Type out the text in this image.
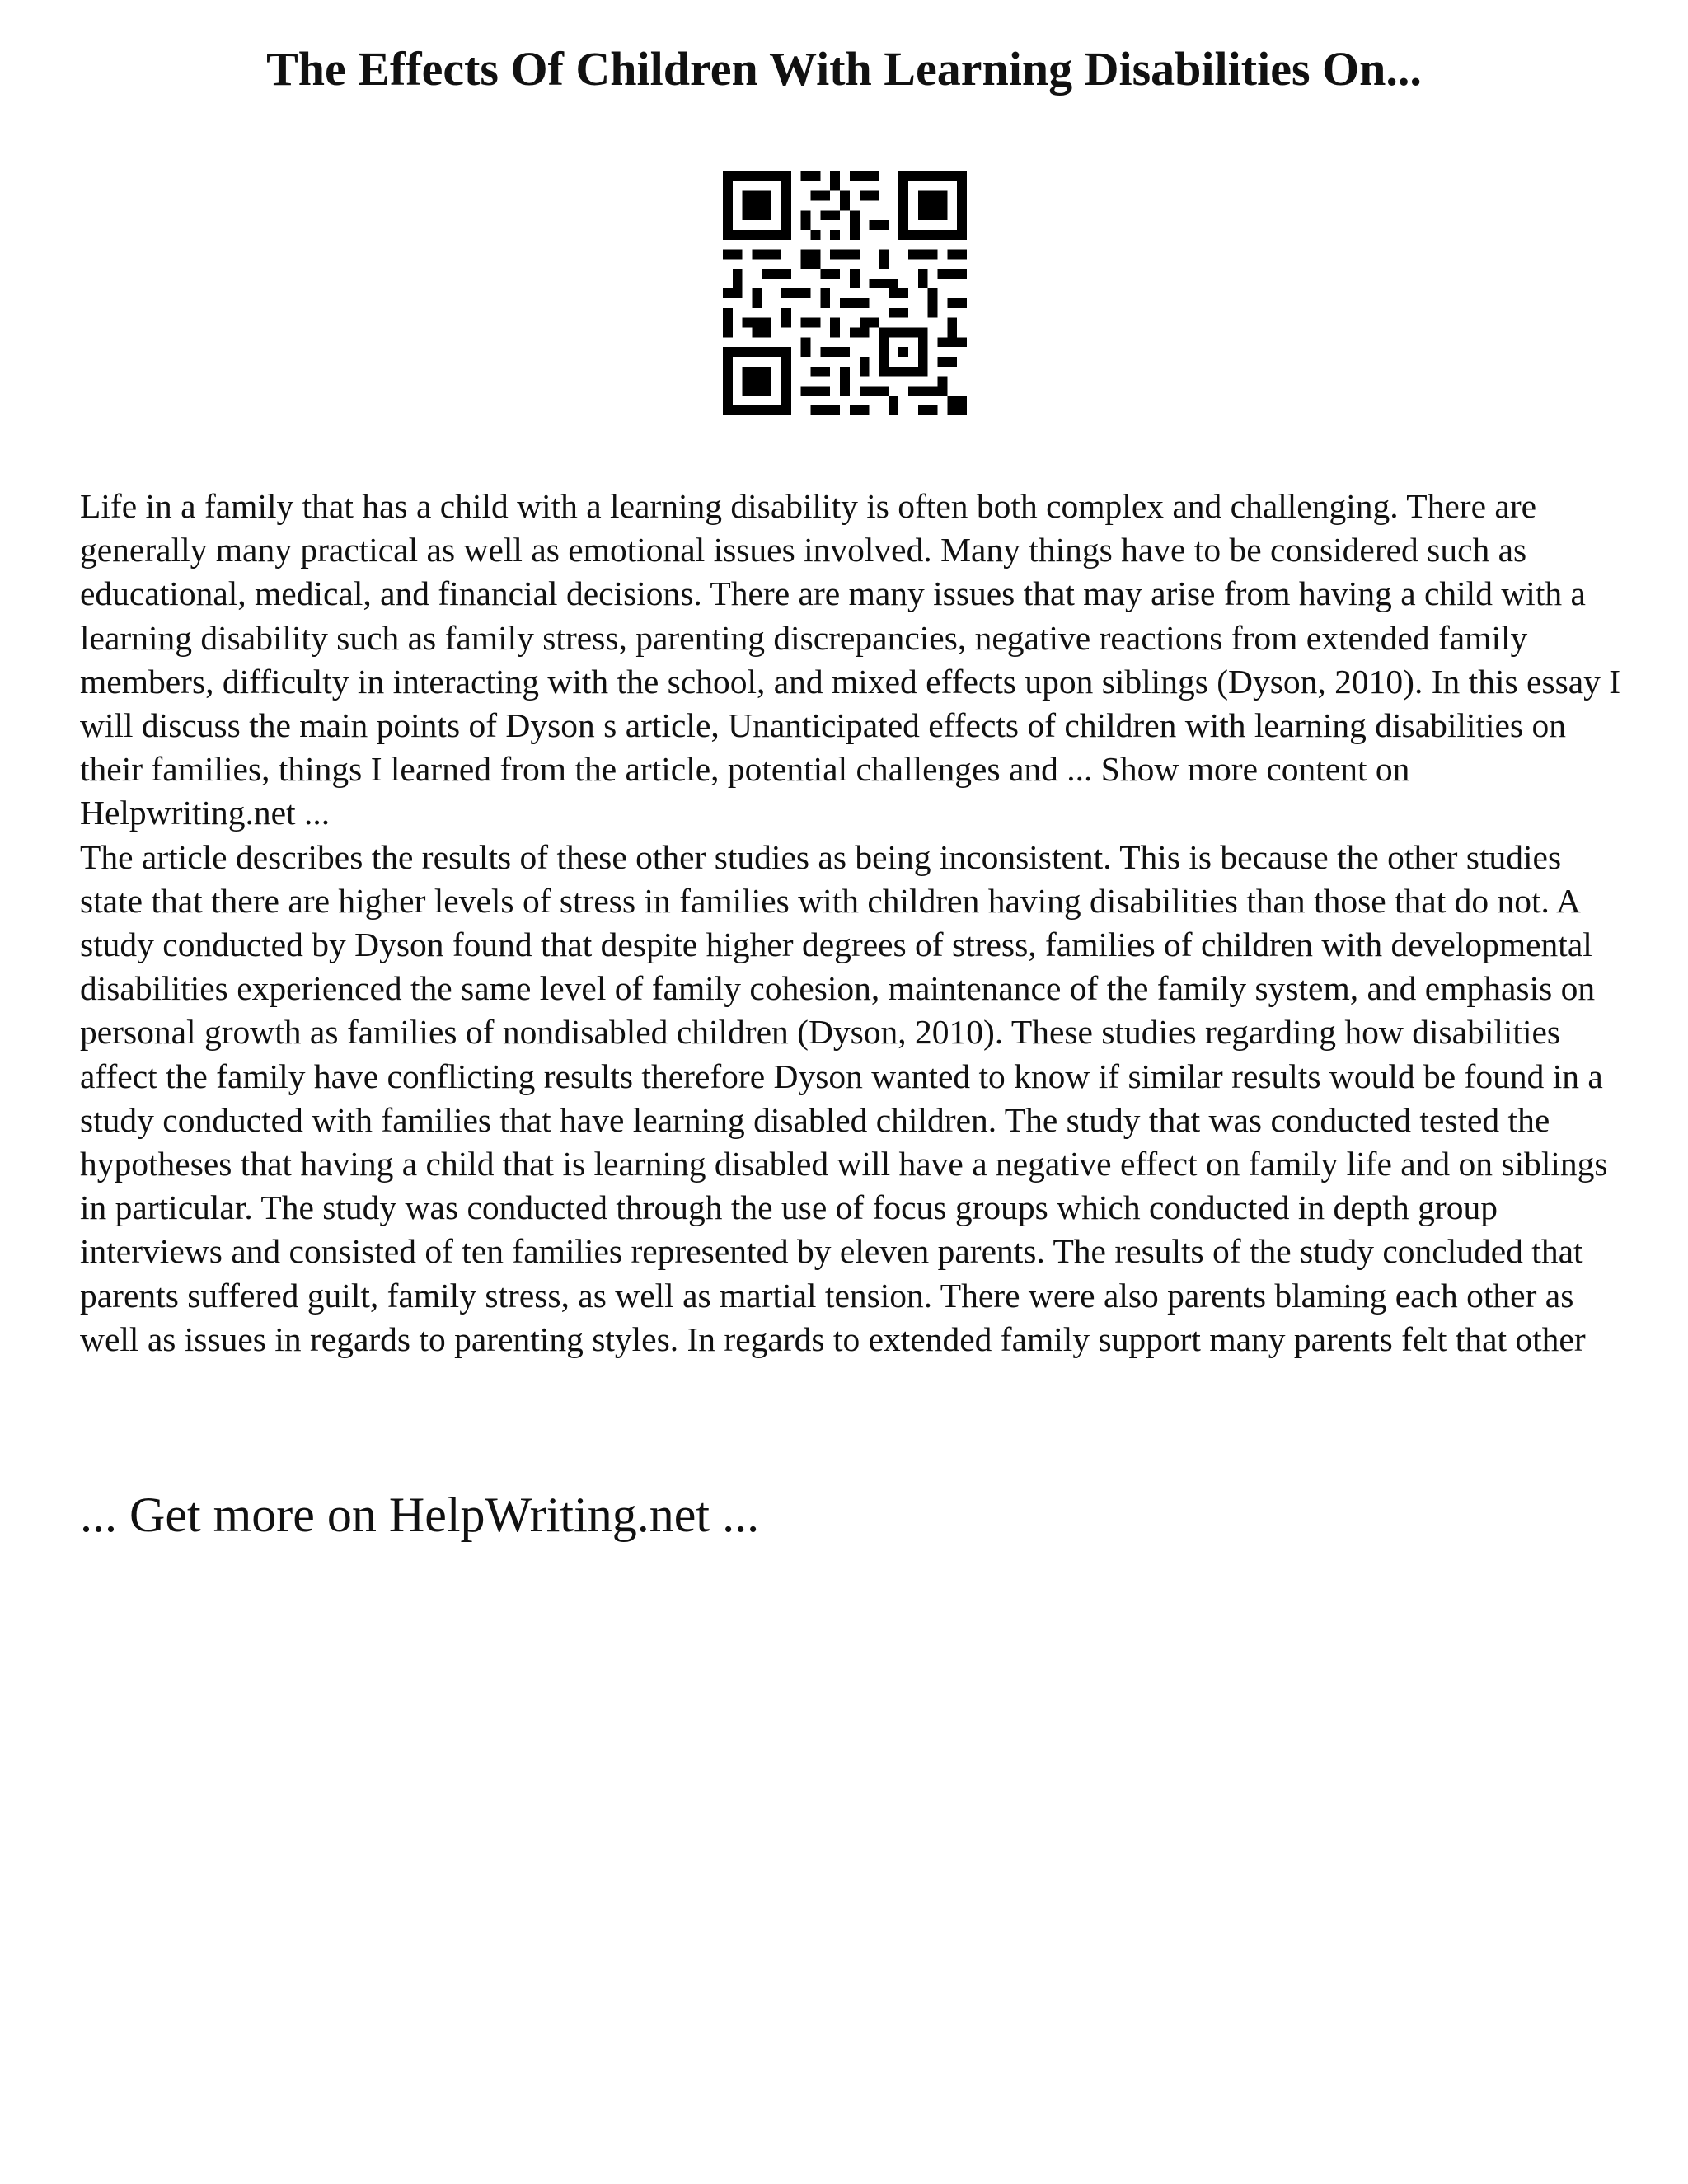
The Effects Of Children With Learning Disabilities On...

Life in a family that has a child with a learning disability is often both complex and challenging. There are generally many practical as well as emotional issues involved. Many things have to be considered such as educational, medical, and financial decisions. There are many issues that may arise from having a child with a learning disability such as family stress, parenting discrepancies, negative reactions from extended family members, difficulty in interacting with the school, and mixed effects upon siblings (Dyson, 2010). In this essay I will discuss the main points of Dyson s article, Unanticipated effects of children with learning disabilities on their families, things I learned from the article, potential challenges and ... Show more content on Helpwriting.net ...

The article describes the results of these other studies as being inconsistent. This is because the other studies state that there are higher levels of stress in families with children having disabilities than those that do not. A study conducted by Dyson found that despite higher degrees of stress, families of children with developmental disabilities experienced the same level of family cohesion, maintenance of the family system, and emphasis on personal growth as families of nondisabled children (Dyson, 2010). These studies regarding how disabilities affect the family have conflicting results therefore Dyson wanted to know if similar results would be found in a study conducted with families that have learning disabled children. The study that was conducted tested the hypotheses that having a child that is learning disabled will have a negative effect on family life and on siblings in particular. The study was conducted through the use of focus groups which conducted in depth group interviews and consisted of ten families represented by eleven parents. The results of the study concluded that parents suffered guilt, family stress, as well as martial tension. There were also parents blaming each other as well as issues in regards to parenting styles. In regards to extended family support many parents felt that other

... Get more on HelpWriting.net ...
